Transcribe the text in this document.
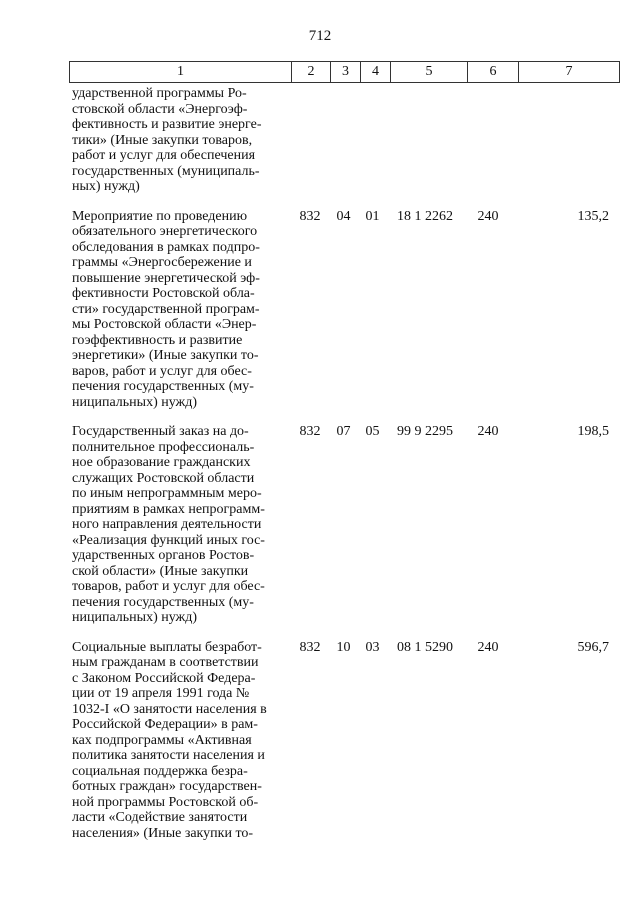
712
1	2	3	4	5	6	7
ударственной программы Ро-
стовской области «Энергоэф-
фективность и развитие энерге-
тики» (Иные закупки товаров,
работ и услуг для обеспечения
государственных (муниципаль-
ных) нужд)
Мероприятие по проведению
обязательного энергетического
обследования в рамках подпро-
граммы «Энергосбережение и
повышение энергетической эф-
фективности Ростовской обла-
сти» государственной програм-
мы Ростовской области «Энер-
гоэффективность и развитие
энергетики» (Иные закупки то-
варов, работ и услуг для обес-
печения государственных (му-
ниципальных) нужд)
832	04	01	18 1 2262	240	135,2
Государственный заказ на до-
полнительное профессиональ-
ное образование гражданских
служащих Ростовской области
по иным непрограммным меро-
приятиям в рамках непрограмм-
ного направления деятельности
«Реализация функций иных гос-
ударственных органов Ростов-
ской области» (Иные закупки
товаров, работ и услуг для обес-
печения государственных (му-
ниципальных) нужд)
832	07	05	99 9 2295	240	198,5
Социальные выплаты безработ-
ным гражданам в соответствии
с Законом Российской Федера-
ции от 19 апреля 1991 года №
1032-I «О занятости населения в
Российской Федерации» в рам-
ках подпрограммы «Активная
политика занятости населения и
социальная поддержка безра-
ботных граждан» государствен-
ной программы Ростовской об-
ласти «Содействие занятости
населения» (Иные закупки то-
832	10	03	08 1 5290	240	596,7
